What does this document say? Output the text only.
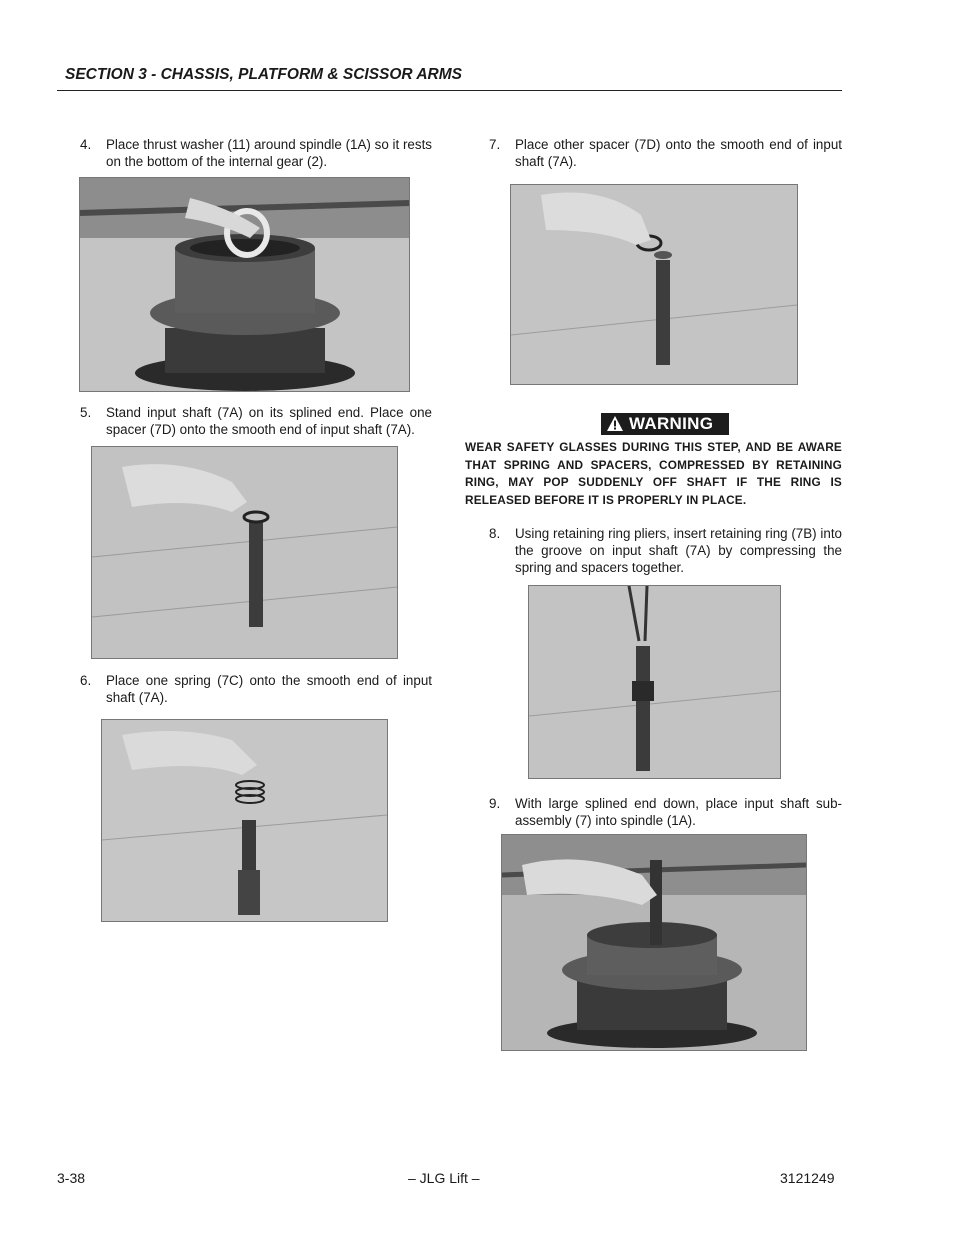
SECTION 3 - CHASSIS, PLATFORM & SCISSOR ARMS
4. Place thrust washer (11) around spindle (1A) so it rests on the bottom of the internal gear (2).
5. Stand input shaft (7A) on its splined end. Place one spacer (7D) onto the smooth end of input shaft (7A).
6. Place one spring (7C) onto the smooth end of input shaft (7A).
7. Place other spacer (7D) onto the smooth end of input shaft (7A).
WARNING
WEAR SAFETY GLASSES DURING THIS STEP, AND BE AWARE THAT SPRING AND SPACERS, COMPRESSED BY RETAINING RING, MAY POP SUDDENLY OFF SHAFT IF THE RING IS RELEASED BEFORE IT IS PROPERLY IN PLACE.
8. Using retaining ring pliers, insert retaining ring (7B) into the groove on input shaft (7A) by compressing the spring and spacers together.
9. With large splined end down, place input shaft sub-assembly (7) into spindle (1A).
3-38	– JLG Lift –	3121249
